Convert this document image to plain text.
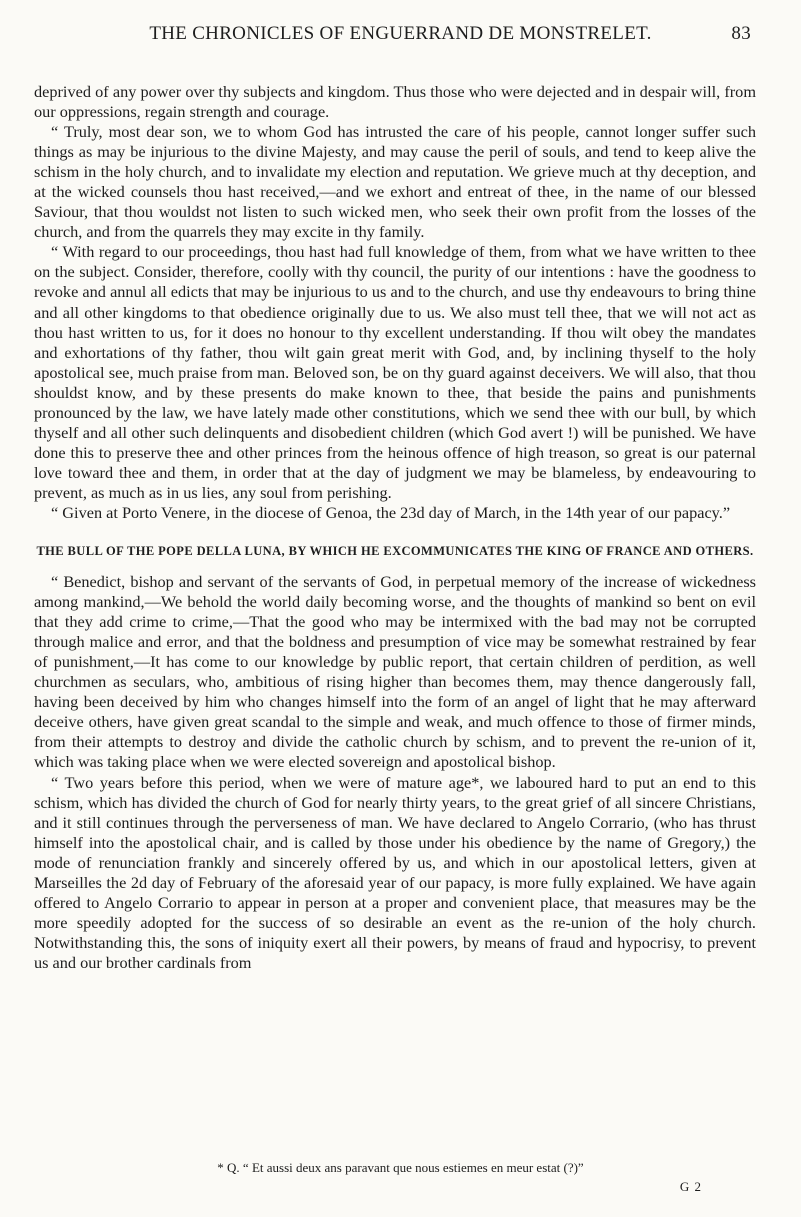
THE CHRONICLES OF ENGUERRAND DE MONSTRELET.	83

deprived of any power over thy subjects and kingdom. Thus those who were dejected and in despair will, from our oppressions, regain strength and courage.

“ Truly, most dear son, we to whom God has intrusted the care of his people, cannot longer suffer such things as may be injurious to the divine Majesty, and may cause the peril of souls, and tend to keep alive the schism in the holy church, and to invalidate my election and reputation. We grieve much at thy deception, and at the wicked counsels thou hast received,—and we exhort and entreat of thee, in the name of our blessed Saviour, that thou wouldst not listen to such wicked men, who seek their own profit from the losses of the church, and from the quarrels they may excite in thy family.

“ With regard to our proceedings, thou hast had full knowledge of them, from what we have written to thee on the subject. Consider, therefore, coolly with thy council, the purity of our intentions : have the goodness to revoke and annul all edicts that may be injurious to us and to the church, and use thy endeavours to bring thine and all other kingdoms to that obedience originally due to us. We also must tell thee, that we will not act as thou hast written to us, for it does no honour to thy excellent understanding. If thou wilt obey the mandates and exhortations of thy father, thou wilt gain great merit with God, and, by inclining thyself to the holy apostolical see, much praise from man. Beloved son, be on thy guard against deceivers. We will also, that thou shouldst know, and by these presents do make known to thee, that beside the pains and punishments pronounced by the law, we have lately made other constitutions, which we send thee with our bull, by which thyself and all other such delinquents and disobedient children (which God avert !) will be punished. We have done this to preserve thee and other princes from the heinous offence of high treason, so great is our paternal love toward thee and them, in order that at the day of judgment we may be blameless, by endeavouring to prevent, as much as in us lies, any soul from perishing.

“ Given at Porto Venere, in the diocese of Genoa, the 23d day of March, in the 14th year of our papacy.”

THE BULL OF THE POPE DELLA LUNA, BY WHICH HE EXCOMMUNICATES THE KING OF FRANCE AND OTHERS.

“ Benedict, bishop and servant of the servants of God, in perpetual memory of the increase of wickedness among mankind,—We behold the world daily becoming worse, and the thoughts of mankind so bent on evil that they add crime to crime,—That the good who may be intermixed with the bad may not be corrupted through malice and error, and that the boldness and presumption of vice may be somewhat restrained by fear of punishment,—It has come to our knowledge by public report, that certain children of perdition, as well churchmen as seculars, who, ambitious of rising higher than becomes them, may thence dangerously fall, having been deceived by him who changes himself into the form of an angel of light that he may afterward deceive others, have given great scandal to the simple and weak, and much offence to those of firmer minds, from their attempts to destroy and divide the catholic church by schism, and to prevent the re-union of it, which was taking place when we were elected sovereign and apostolical bishop.

“ Two years before this period, when we were of mature age*, we laboured hard to put an end to this schism, which has divided the church of God for nearly thirty years, to the great grief of all sincere Christians, and it still continues through the perverseness of man. We have declared to Angelo Corrario, (who has thrust himself into the apostolical chair, and is called by those under his obedience by the name of Gregory,) the mode of renunciation frankly and sincerely offered by us, and which in our apostolical letters, given at Marseilles the 2d day of February of the aforesaid year of our papacy, is more fully explained. We have again offered to Angelo Corrario to appear in person at a proper and convenient place, that measures may be the more speedily adopted for the success of so desirable an event as the re-union of the holy church. Notwithstanding this, the sons of iniquity exert all their powers, by means of fraud and hypocrisy, to prevent us and our brother cardinals from

* Q. “ Et aussi deux ans paravant que nous estiemes en meur estat (?)”
G 2
